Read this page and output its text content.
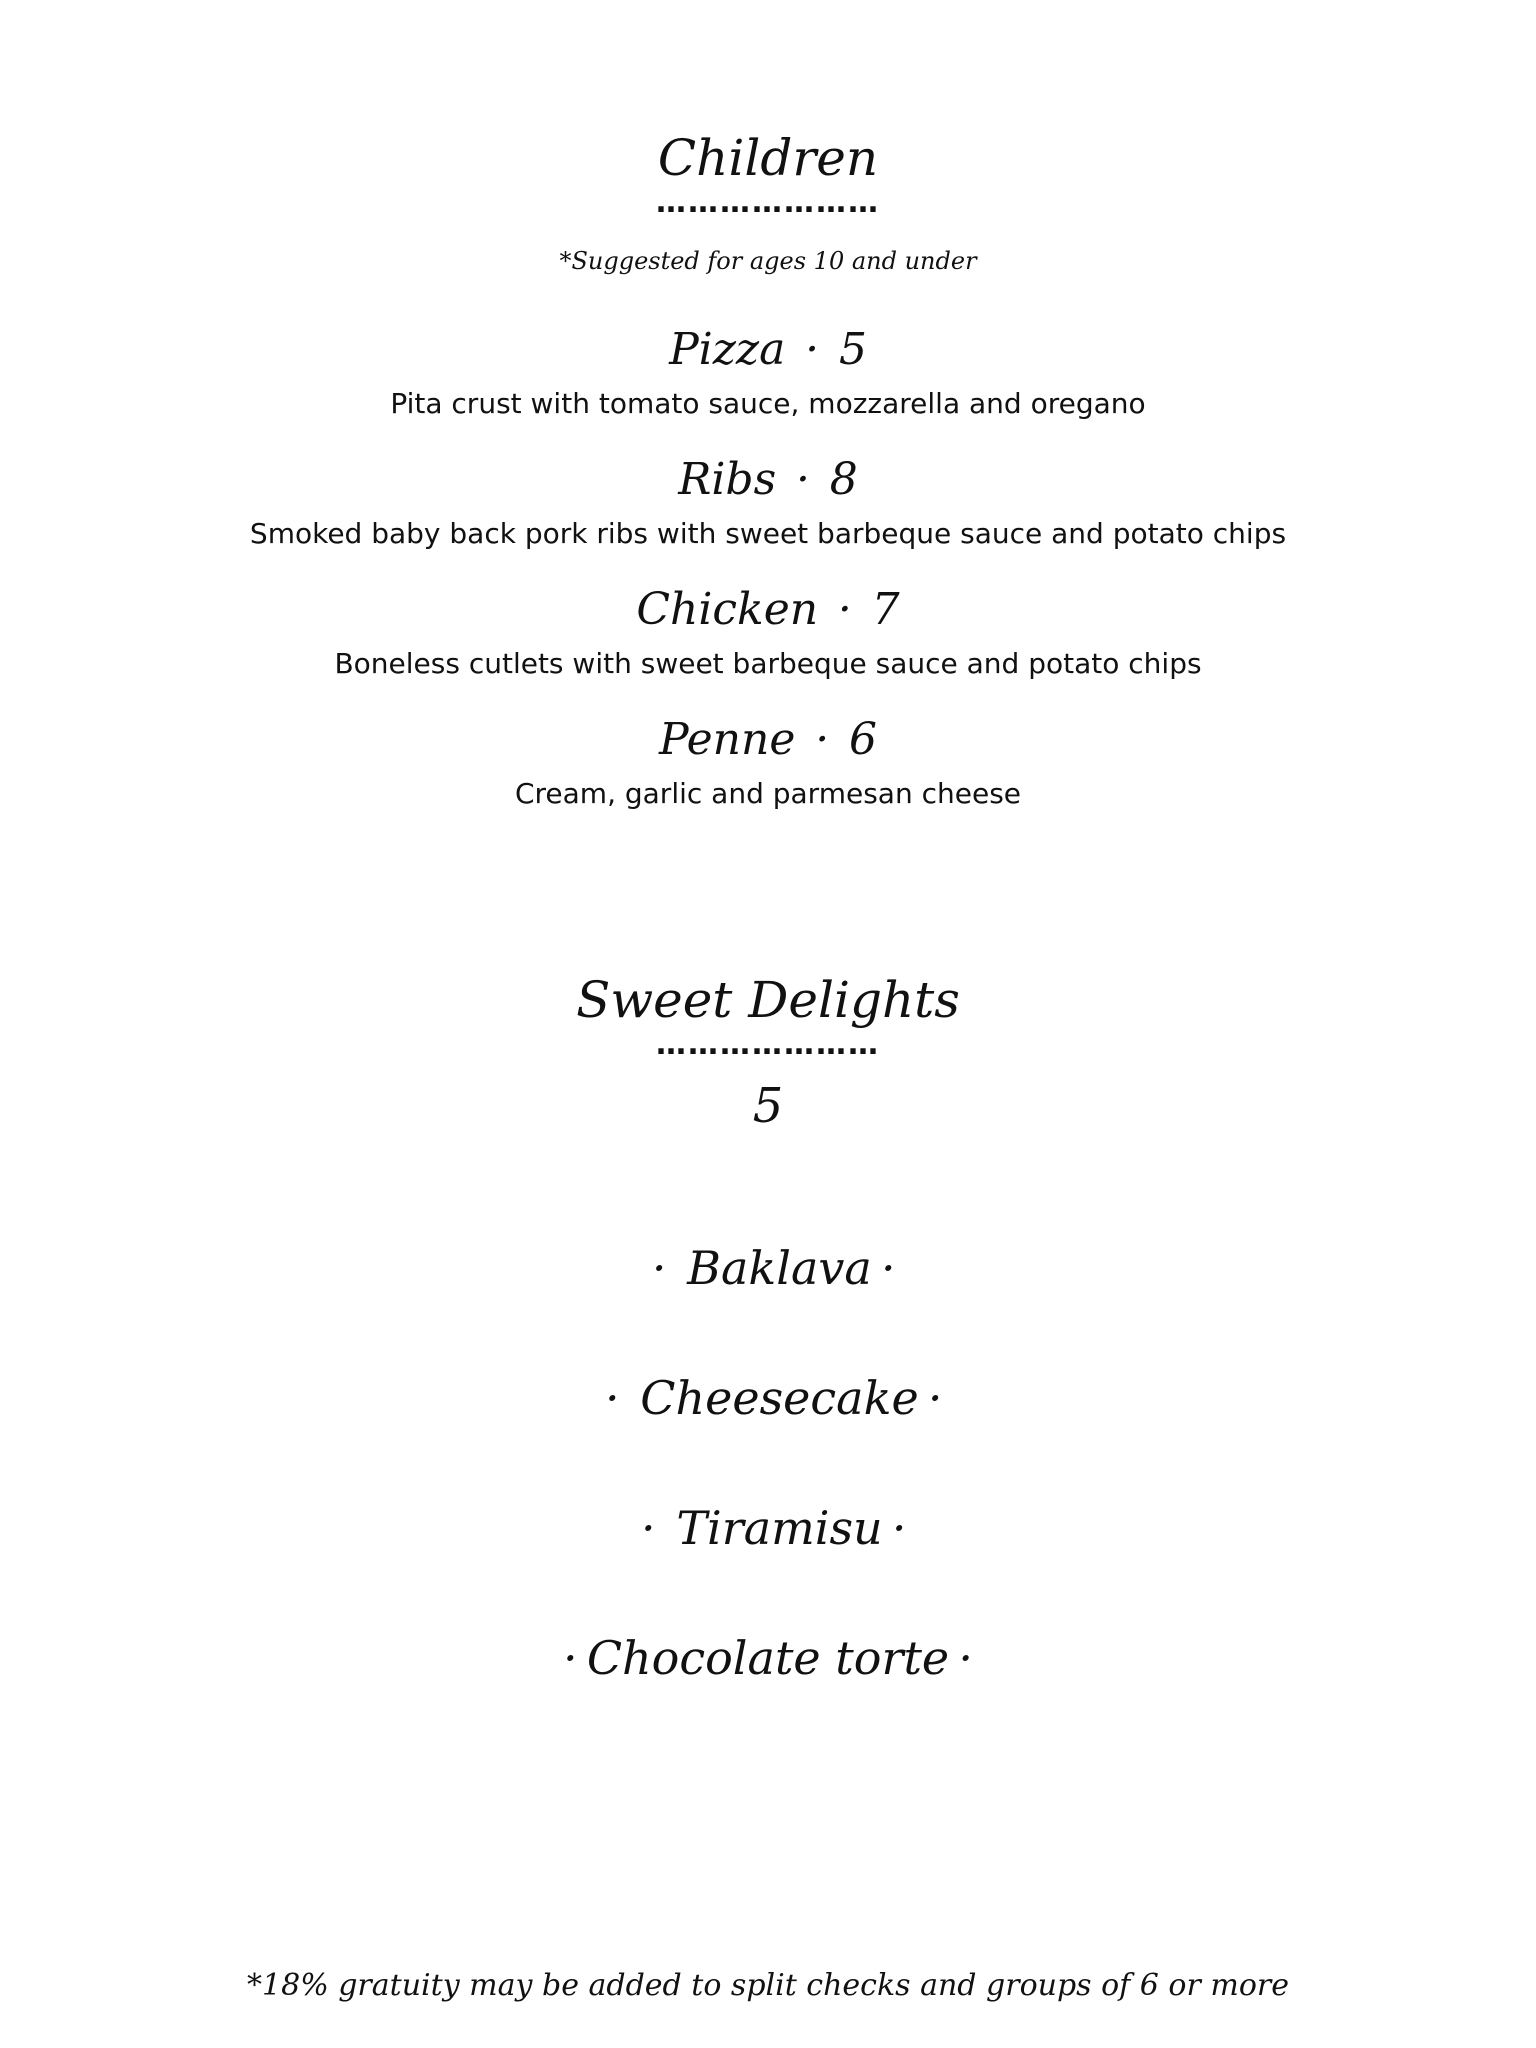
Children
…………………
*Suggested for ages 10 and under
Pizza · 5
Pita crust with tomato sauce, mozzarella and oregano
Ribs · 8
Smoked baby back pork ribs with sweet barbeque sauce and potato chips
Chicken · 7
Boneless cutlets with sweet barbeque sauce and potato chips
Penne · 6
Cream, garlic and parmesan cheese
Sweet Delights
…………………
5
· Baklava ·
· Cheesecake ·
· Tiramisu ·
· Chocolate torte ·
*18% gratuity may be added to split checks and groups of 6 or more
